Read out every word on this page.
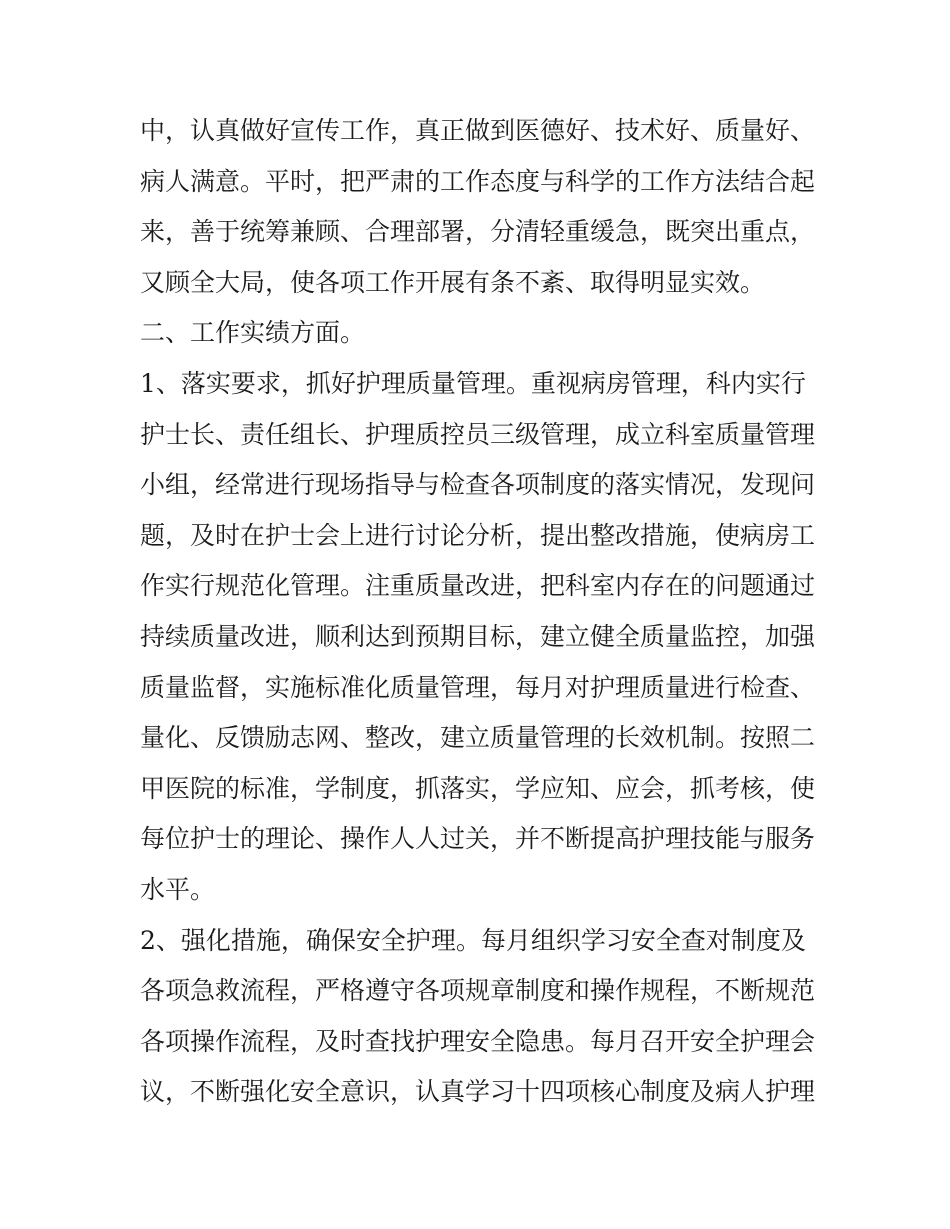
中，认真做好宣传工作，真正做到医德好、技术好、质量好、
病人满意。平时，把严肃的工作态度与科学的工作方法结合起
来，善于统筹兼顾、合理部署，分清轻重缓急，既突出重点，
又顾全大局，使各项工作开展有条不紊、取得明显实效。
二、工作实绩方面。
1、落实要求，抓好护理质量管理。重视病房管理，科内实行
护士长、责任组长、护理质控员三级管理，成立科室质量管理
小组，经常进行现场指导与检查各项制度的落实情况，发现问
题，及时在护士会上进行讨论分析，提出整改措施，使病房工
作实行规范化管理。注重质量改进，把科室内存在的问题通过
持续质量改进，顺利达到预期目标，建立健全质量监控，加强
质量监督，实施标准化质量管理，每月对护理质量进行检查、
量化、反馈励志网、整改，建立质量管理的长效机制。按照二
甲医院的标准，学制度，抓落实，学应知、应会，抓考核，使
每位护士的理论、操作人人过关，并不断提高护理技能与服务
水平。
2、强化措施，确保安全护理。每月组织学习安全查对制度及
各项急救流程，严格遵守各项规章制度和操作规程，不断规范
各项操作流程，及时查找护理安全隐患。每月召开安全护理会
议，不断强化安全意识，认真学习十四项核心制度及病人护理
